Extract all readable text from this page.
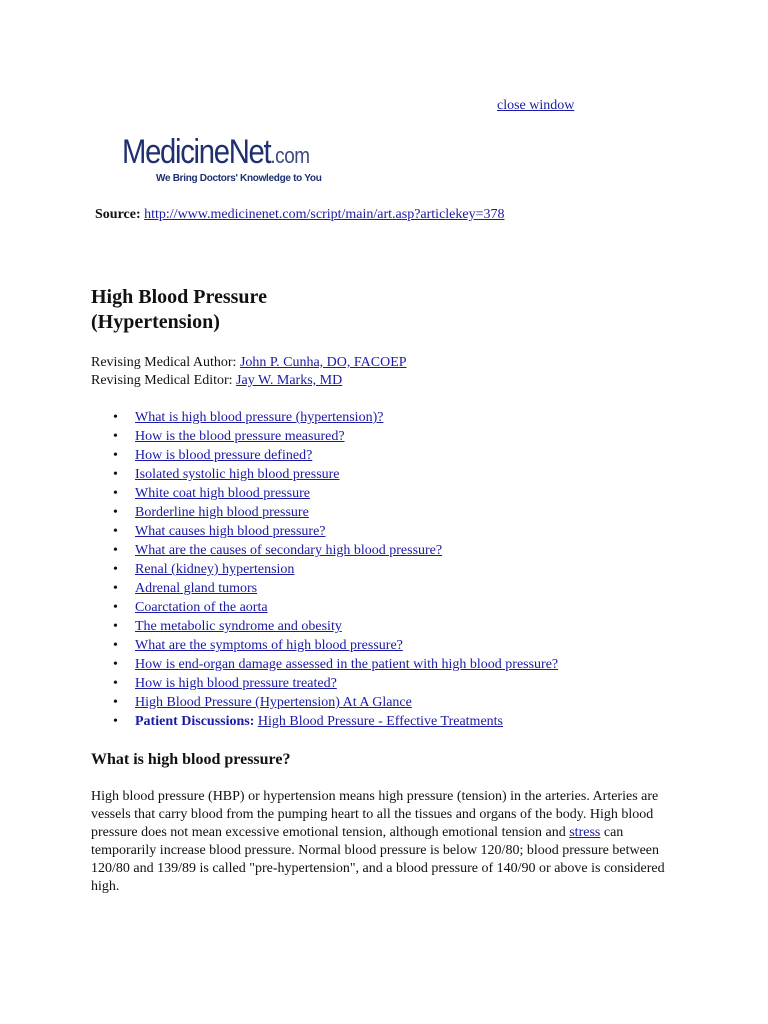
close window
MedicineNet.com
We Bring Doctors' Knowledge to You
Source: http://www.medicinenet.com/script/main/art.asp?articlekey=378
High Blood Pressure
(Hypertension)
Revising Medical Author: John P. Cunha, DO, FACOEP
Revising Medical Editor: Jay W. Marks, MD
• What is high blood pressure (hypertension)?
• How is the blood pressure measured?
• How is blood pressure defined?
• Isolated systolic high blood pressure
• White coat high blood pressure
• Borderline high blood pressure
• What causes high blood pressure?
• What are the causes of secondary high blood pressure?
• Renal (kidney) hypertension
• Adrenal gland tumors
• Coarctation of the aorta
• The metabolic syndrome and obesity
• What are the symptoms of high blood pressure?
• How is end-organ damage assessed in the patient with high blood pressure?
• How is high blood pressure treated?
• High Blood Pressure (Hypertension) At A Glance
• Patient Discussions: High Blood Pressure - Effective Treatments
What is high blood pressure?

High blood pressure (HBP) or hypertension means high pressure (tension) in the arteries. Arteries are vessels that carry blood from the pumping heart to all the tissues and organs of the body. High blood pressure does not mean excessive emotional tension, although emotional tension and stress can temporarily increase blood pressure. Normal blood pressure is below 120/80; blood pressure between 120/80 and 139/89 is called "pre-hypertension", and a blood pressure of 140/90 or above is considered high.
